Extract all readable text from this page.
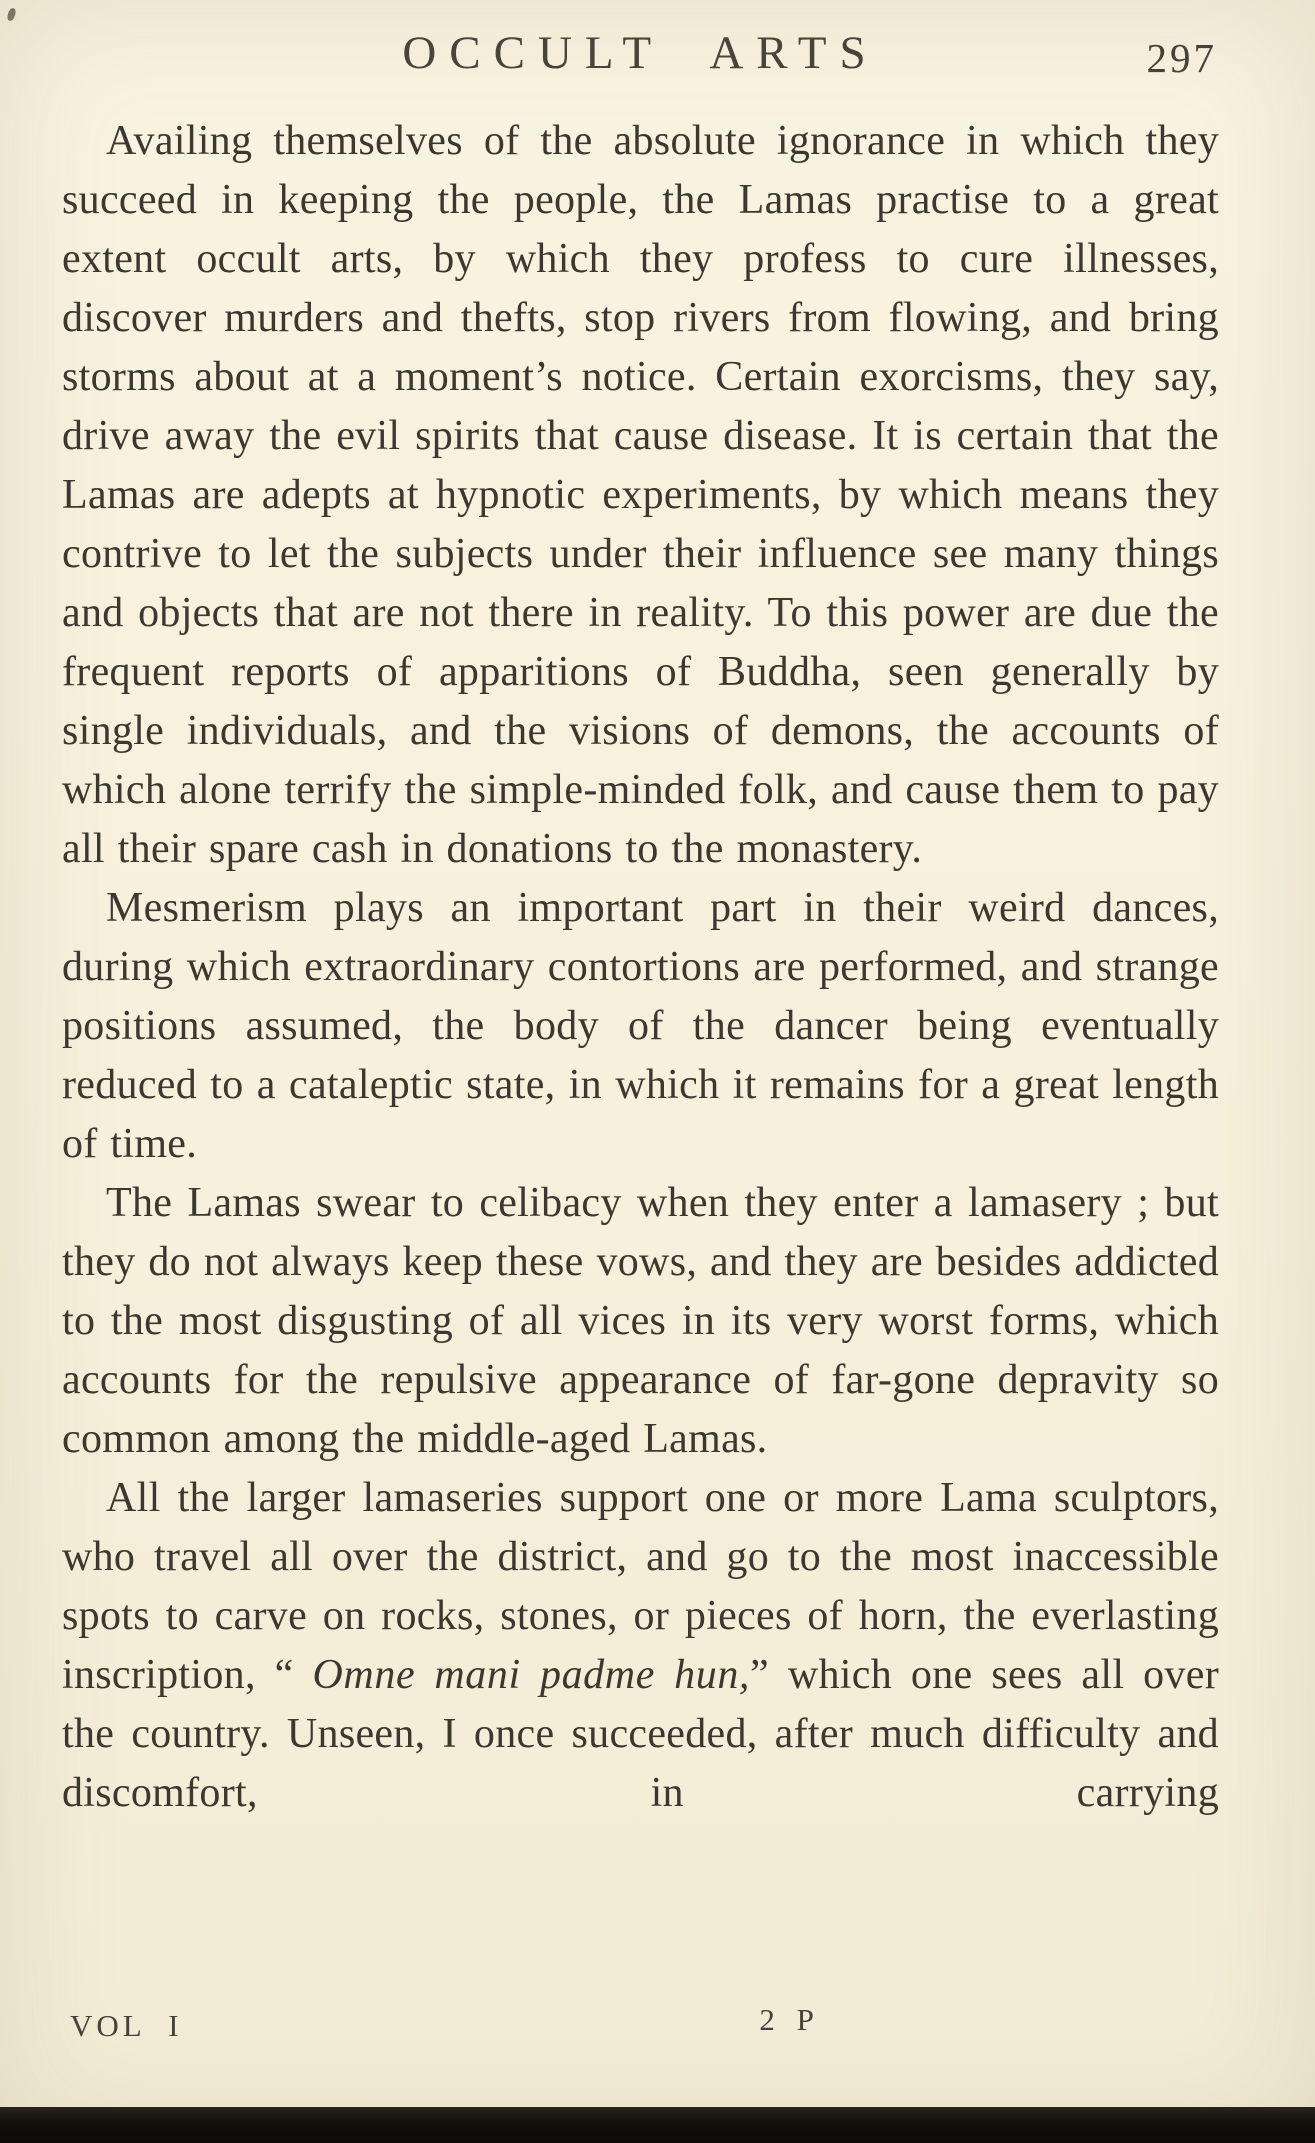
OCCULT ARTS	297

Availing themselves of the absolute ignorance in which they succeed in keeping the people, the Lamas practise to a great extent occult arts, by which they profess to cure illnesses, discover murders and thefts, stop rivers from flowing, and bring storms about at a moment’s notice. Certain exorcisms, they say, drive away the evil spirits that cause disease. It is certain that the Lamas are adepts at hypnotic experiments, by which means they contrive to let the subjects under their influence see many things and objects that are not there in reality. To this power are due the frequent reports of apparitions of Buddha, seen generally by single individuals, and the visions of demons, the accounts of which alone terrify the simple-minded folk, and cause them to pay all their spare cash in donations to the monastery.

Mesmerism plays an important part in their weird dances, during which extraordinary contortions are performed, and strange positions assumed, the body of the dancer being eventually reduced to a cataleptic state, in which it remains for a great length of time.

The Lamas swear to celibacy when they enter a lamasery ; but they do not always keep these vows, and they are besides addicted to the most disgusting of all vices in its very worst forms, which accounts for the repulsive appearance of far-gone depravity so common among the middle-aged Lamas.

All the larger lamaseries support one or more Lama sculptors, who travel all over the district, and go to the most inaccessible spots to carve on rocks, stones, or pieces of horn, the everlasting inscription, “ Omne mani padme hun,” which one sees all over the country. Unseen, I once succeeded, after much difficulty and discomfort, in carrying

VOL I	2 P
